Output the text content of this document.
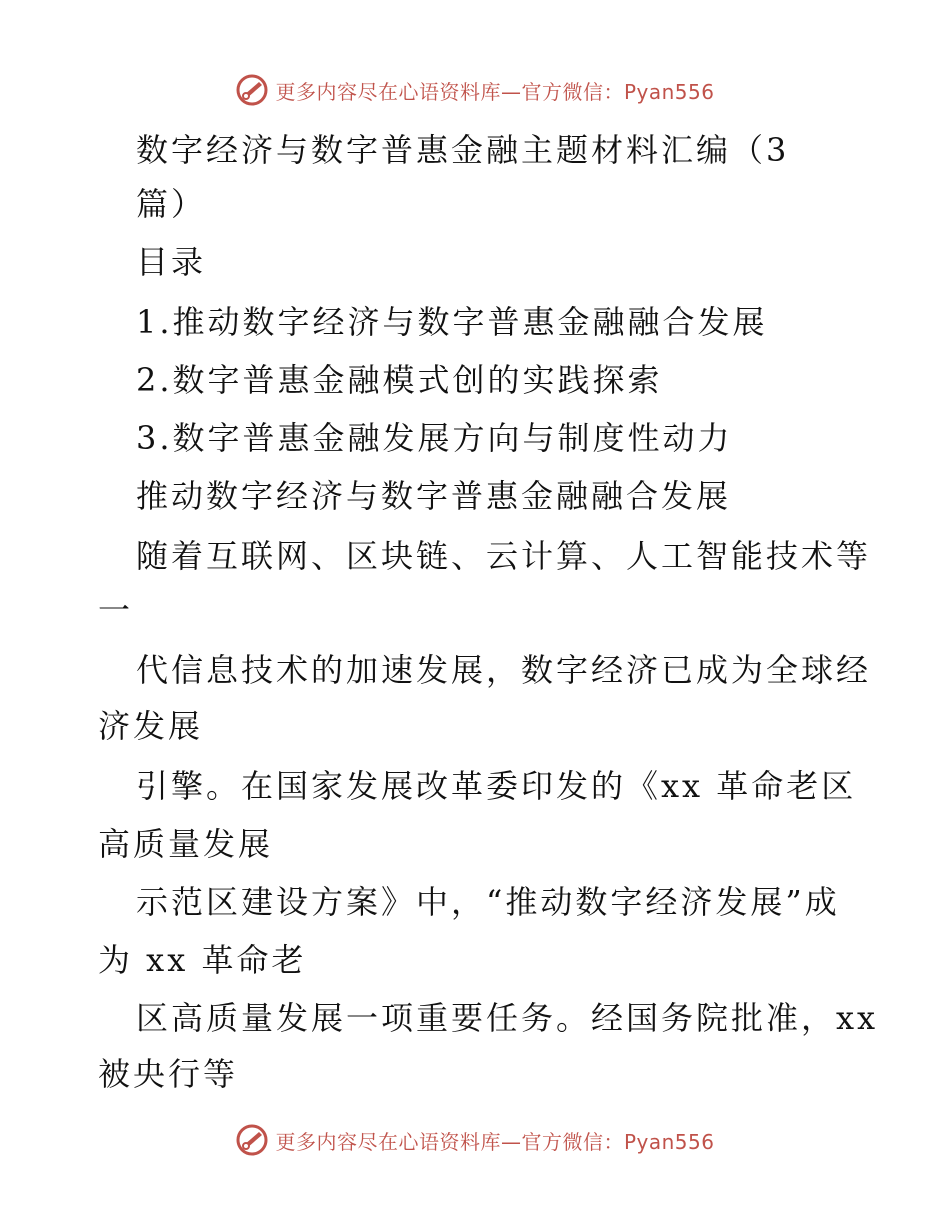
更多内容尽在心语资料库—官方微信：Pyan556
数字经济与数字普惠金融主题材料汇编（3
篇）
目录
1.推动数字经济与数字普惠金融融合发展
2.数字普惠金融模式创的实践探索
3.数字普惠金融发展方向与制度性动力
推动数字经济与数字普惠金融融合发展
随着互联网、区块链、云计算、人工智能技术等
一
代信息技术的加速发展，数字经济已成为全球经
济发展
引擎。在国家发展改革委印发的《xx 革命老区
高质量发展
示范区建设方案》中，“推动数字经济发展”成
为 xx 革命老
区高质量发展一项重要任务。经国务院批准，xx
被央行等
更多内容尽在心语资料库—官方微信：Pyan556
